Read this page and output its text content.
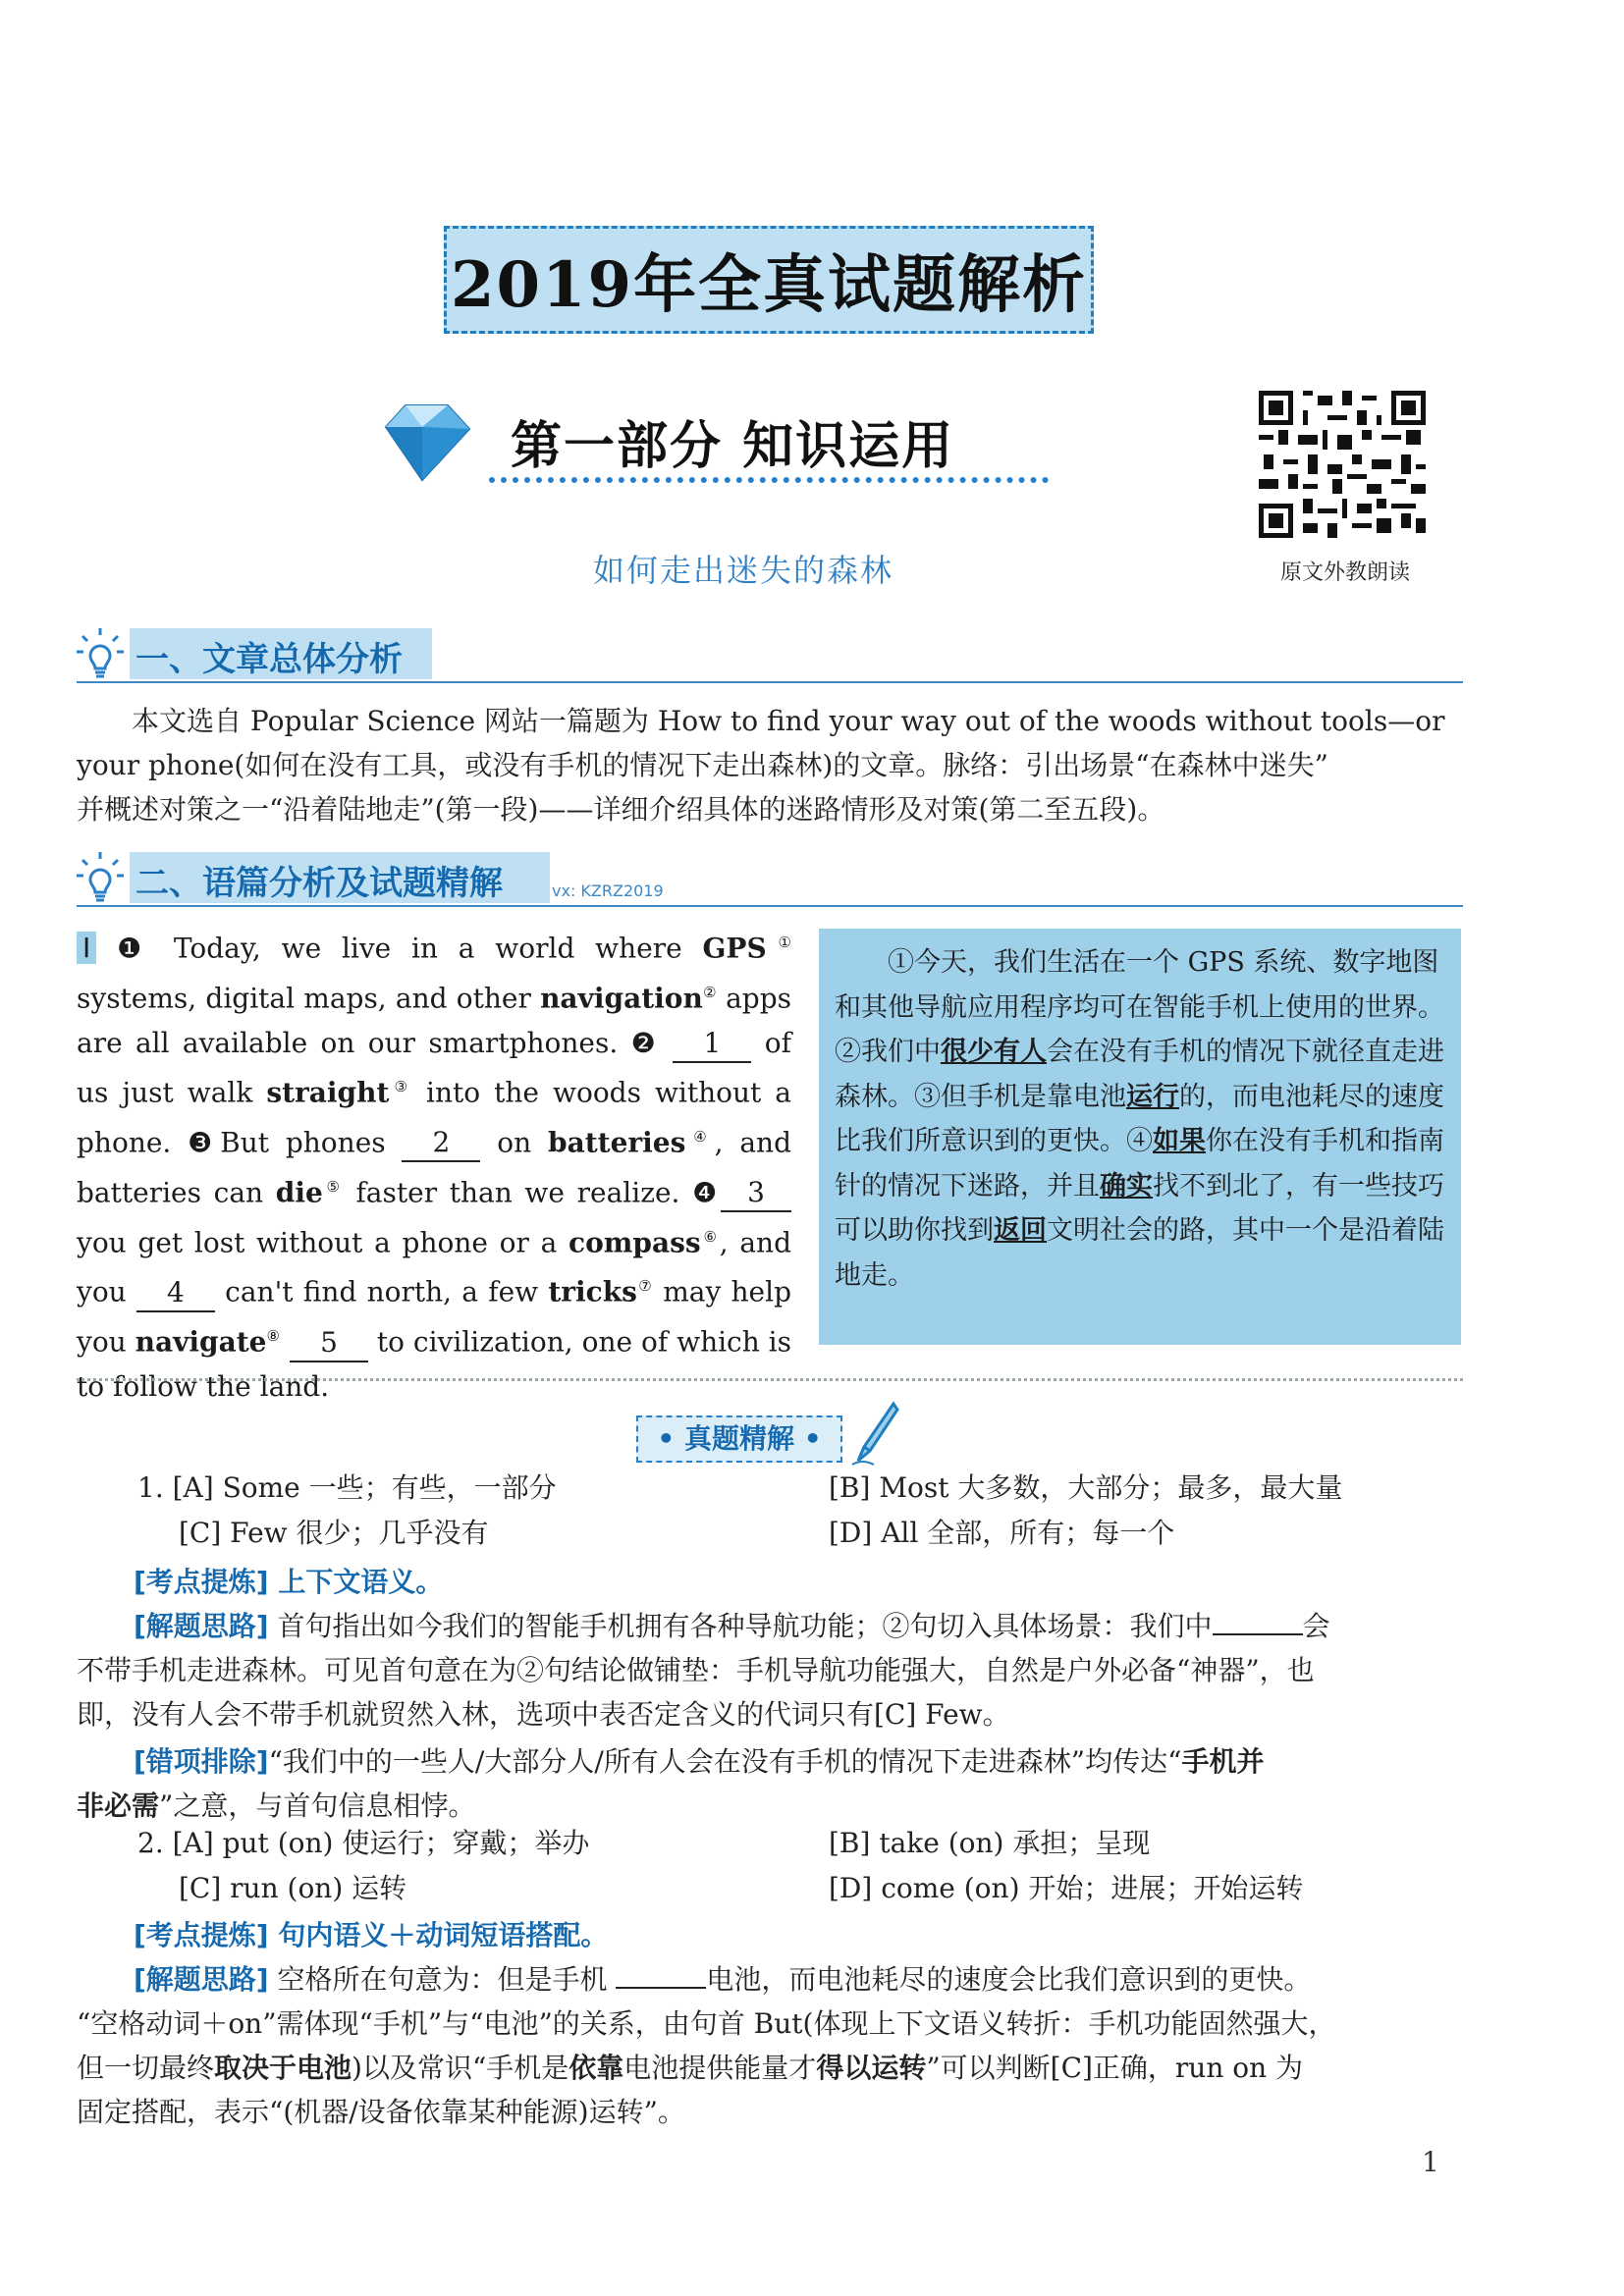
2019年全真试题解析
第一部分 知识运用
原文外教朗读
如何走出迷失的森林
一、文章总体分析
本文选自 Popular Science 网站一篇题为 How to find your way out of the woods without tools—or
your phone(如何在没有工具，或没有手机的情况下走出森林)的文章。脉络：引出场景“在森林中迷失”
并概述对策之一“沿着陆地走”(第一段)——详细介绍具体的迷路情形及对策(第二至五段)。
二、语篇分析及试题精解	vx: KZRZ2019
I ❶ Today, we live in a world where GPS① systems, digital maps, and other navigation② apps are all available on our smartphones. ❷ 1 of us just walk straight③ into the woods without a phone. ❸But phones 2 on batteries④, and batteries can die⑤ faster than we realize. ❹ 3 you get lost without a phone or a compass⑥, and you 4 can't find north, a few tricks⑦ may help you navigate⑧ 5 to civilization, one of which is to follow the land.
①今天，我们生活在一个 GPS 系统、数字地图和其他导航应用程序均可在智能手机上使用的世界。②我们中很少有人会在没有手机的情况下就径直走进森林。③但手机是靠电池运行的，而电池耗尽的速度比我们所意识到的更快。④如果你在没有手机和指南针的情况下迷路，并且确实找不到北了，有一些技巧可以助你找到返回文明社会的路，其中一个是沿着陆地走。
• 真题精解 •
1. [A] Some 一些；有些，一部分	[B] Most 大多数，大部分；最多，最大量
[C] Few 很少；几乎没有	[D] All 全部，所有；每一个
[考点提炼] 上下文语义。
[解题思路] 首句指出如今我们的智能手机拥有各种导航功能；②句切入具体场景：我们中	会
不带手机走进森林。可见首句意在为②句结论做铺垫：手机导航功能强大，自然是户外必备“神器”，也
即，没有人会不带手机就贸然入林，选项中表否定含义的代词只有[C] Few。
[错项排除]“我们中的一些人/大部分人/所有人会在没有手机的情况下走进森林”均传达“手机并
非必需”之意，与首句信息相悖。
2. [A] put (on) 使运行；穿戴；举办	[B] take (on) 承担；呈现
[C] run (on) 运转	[D] come (on) 开始；进展；开始运转
[考点提炼] 句内语义＋动词短语搭配。
[解题思路] 空格所在句意为：但是手机	电池，而电池耗尽的速度会比我们意识到的更快。
“空格动词＋on”需体现“手机”与“电池”的关系，由句首 But(体现上下文语义转折：手机功能固然强大，
但一切最终取决于电池)以及常识“手机是依靠电池提供能量才得以运转”可以判断[C]正确，run on 为
固定搭配，表示“(机器/设备依靠某种能源)运转”。
1
